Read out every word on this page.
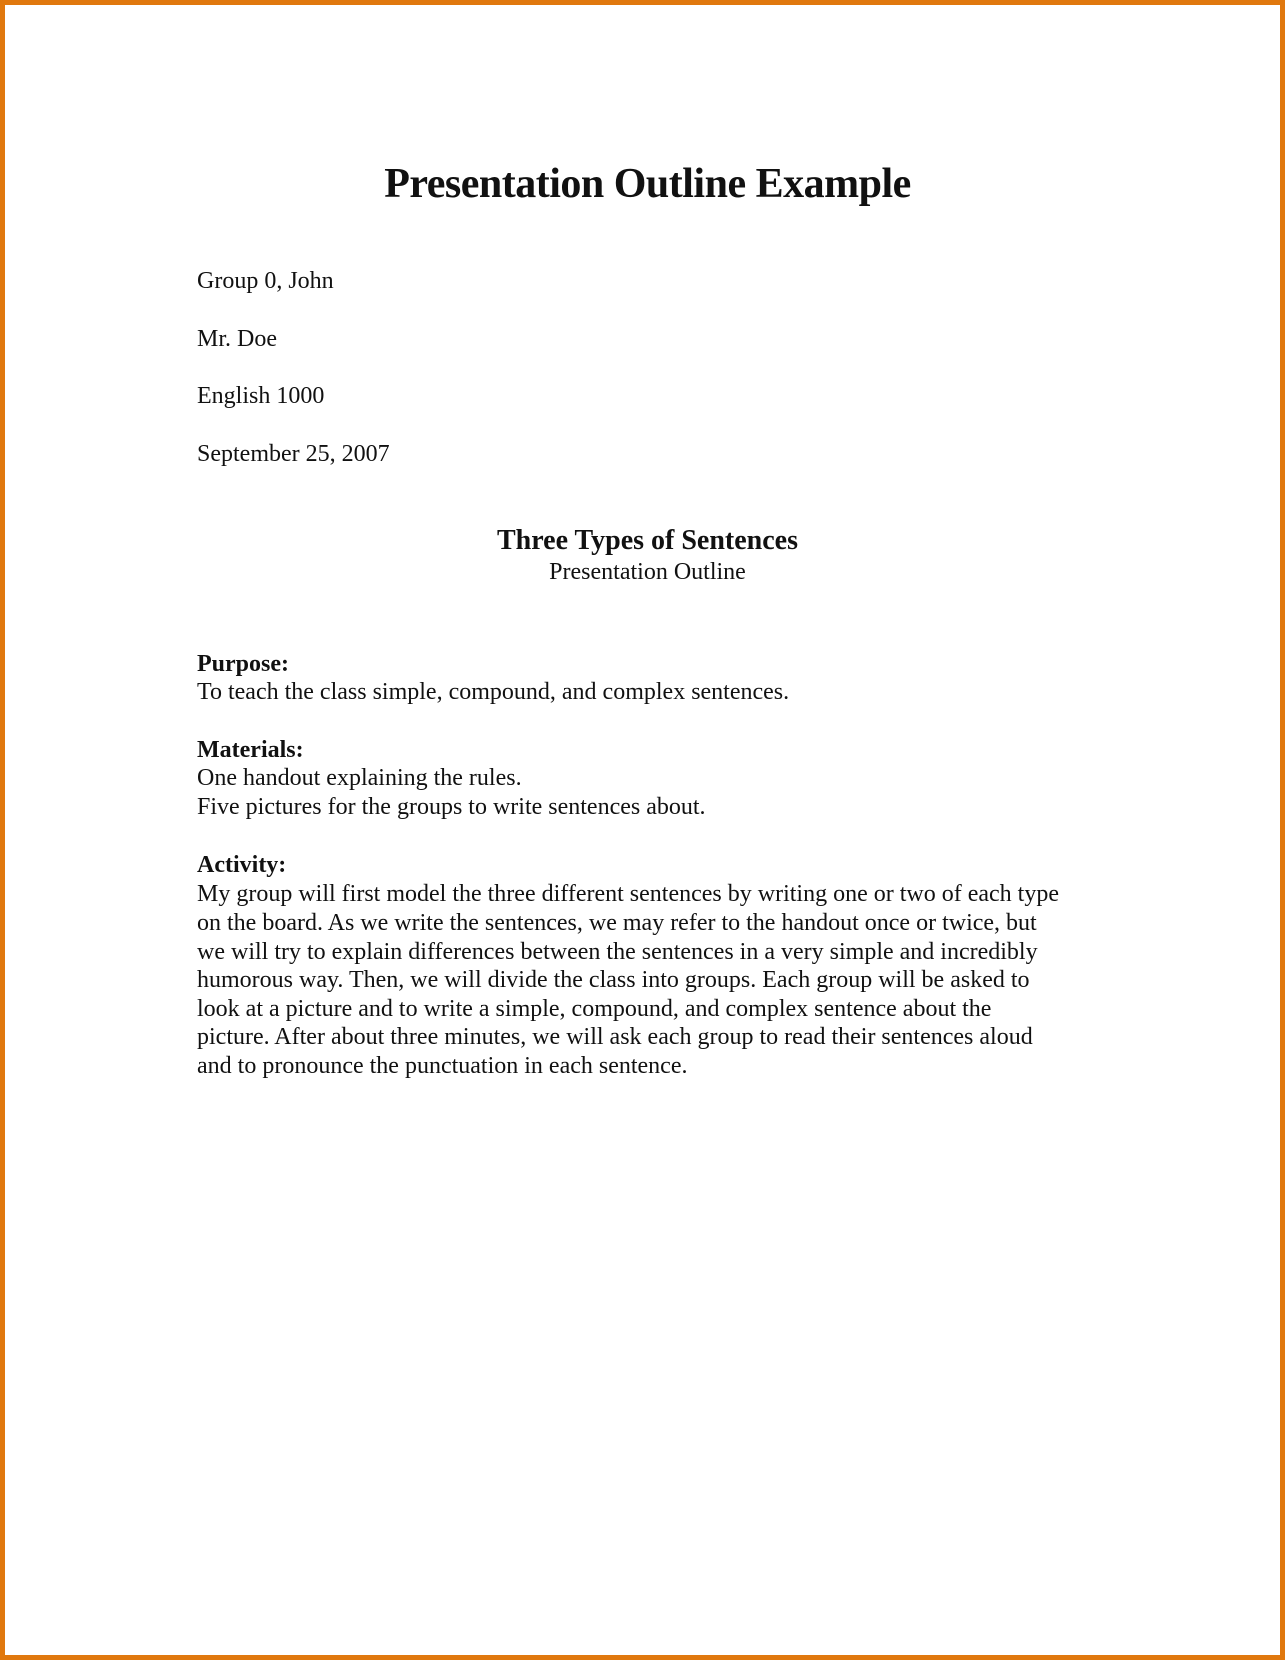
Presentation Outline Example

Group 0, John

Mr. Doe

English 1000

September 25, 2007

Three Types of Sentences

Presentation Outline

Purpose:

To teach the class simple, compound, and complex sentences.

Materials:

One handout explaining the rules.

Five pictures for the groups to write sentences about.

Activity:

My group will first model the three different sentences by writing one or two of each type

on the board. As we write the sentences, we may refer to the handout once or twice, but

we will try to explain differences between the sentences in a very simple and incredibly

humorous way. Then, we will divide the class into groups. Each group will be asked to

look at a picture and to write a simple, compound, and complex sentence about the

picture. After about three minutes, we will ask each group to read their sentences aloud

and to pronounce the punctuation in each sentence.
